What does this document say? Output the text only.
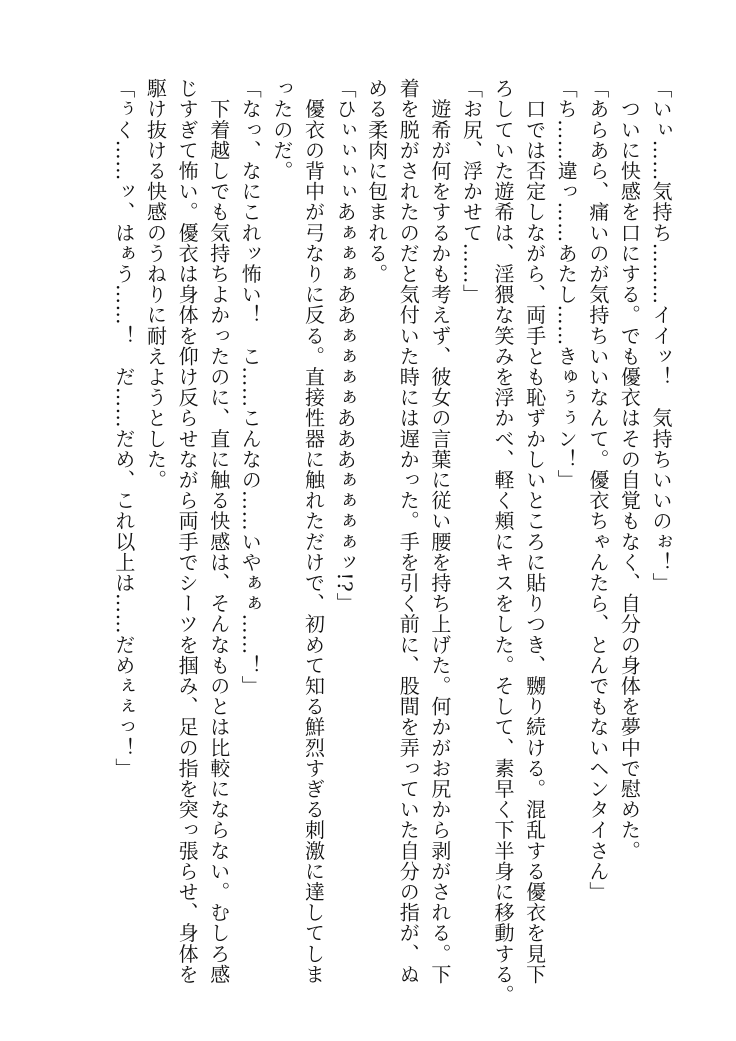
「いぃ……気持ち………イイッ！　気持ちいいのぉ！」
　ついに快感を口にする。でも優衣はその自覚もなく、自分の身体を夢中で慰めた。
「あらあら、痛いのが気持ちいいなんて。優衣ちゃんたら、とんでもないヘンタイさん」
「ち……違っ……あたし……きゅぅぅン！」
　口では否定しながら、両手とも恥ずかしいところに貼りつき、嬲り続ける。混乱する優衣を見下
ろしていた遊希は、淫猥な笑みを浮かべ、軽く頬にキスをした。そして、素早く下半身に移動する。
「お尻、浮かせて……」
　遊希が何をするかも考えず、彼女の言葉に従い腰を持ち上げた。何かがお尻から剥がされる。下
着を脱がされたのだと気付いた時には遅かった。手を引く前に、股間を弄っていた自分の指が、ぬ
める柔肉に包まれる。
「ひぃぃぃぃあぁぁぁああぁぁぁぁあああぁぁぁぁッ!?」
　優衣の背中が弓なりに反る。直接性器に触れただけで、初めて知る鮮烈すぎる刺激に達してしま
ったのだ。
「なっ、なにこれッ怖い！　こ……こんなの……いやぁぁ……！」
　下着越しでも気持ちよかったのに、直に触る快感は、そんなものとは比較にならない。むしろ感
じすぎて怖い。優衣は身体を仰け反らせながら両手でシーツを掴み、足の指を突っ張らせ、身体を
駆け抜ける快感のうねりに耐えようとした。
「ぅく……ッ、はぁう……！　だ……だめ、これ以上は……だめぇぇっ！」
